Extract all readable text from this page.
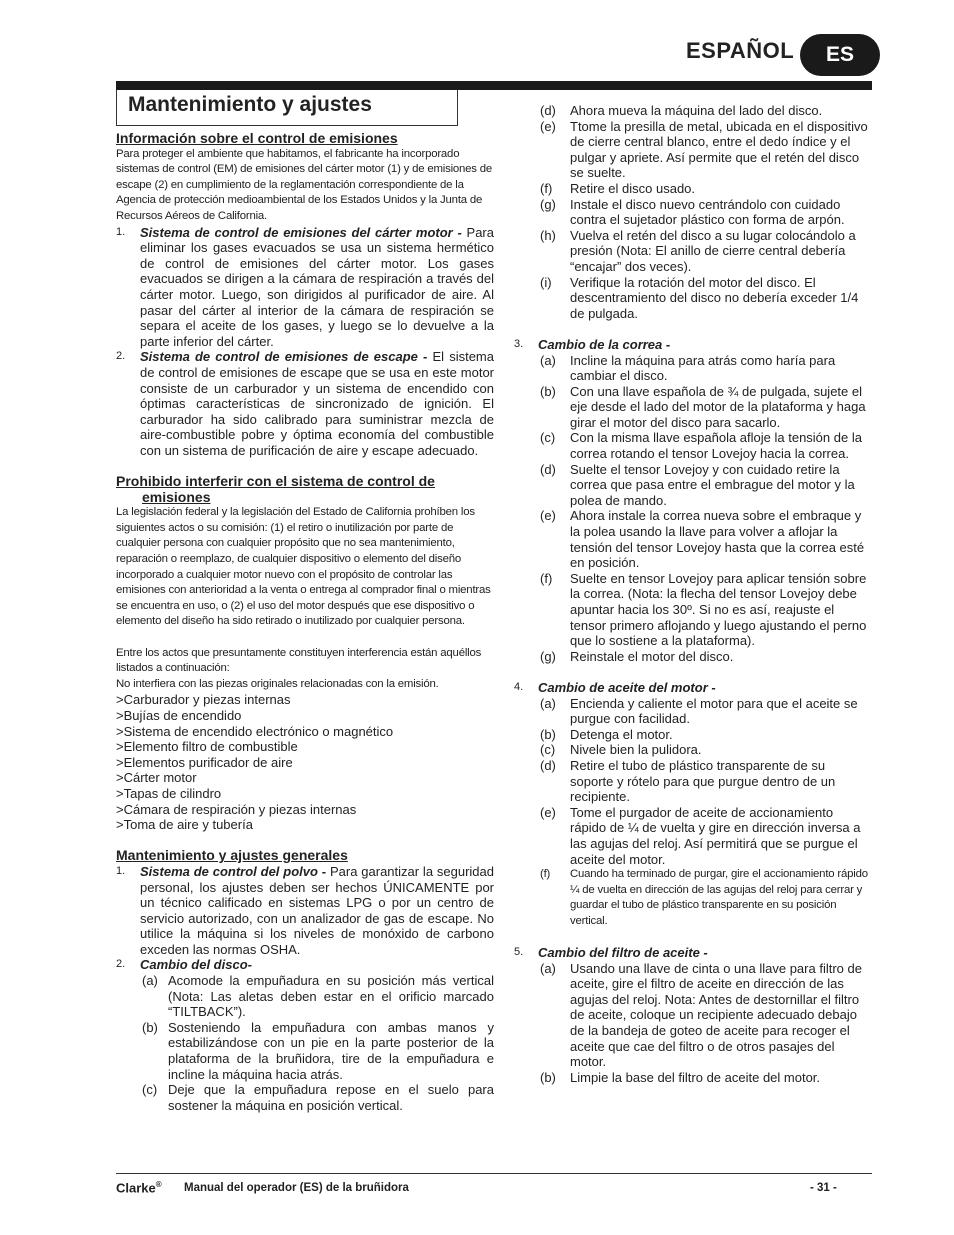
ESPAÑOL	ES
Mantenimiento y ajustes
Información sobre el control de emisiones
Para proteger el ambiente que habitamos, el fabricante ha incorporado sistemas de control (EM) de emisiones del cárter motor (1) y de emisiones de escape (2) en cumplimiento de la reglamentación correspondiente de la Agencia de protección medioambiental de los Estados Unidos y la Junta de Recursos Aéreos de California.
1. Sistema de control de emisiones del cárter motor - Para eliminar los gases evacuados se usa un sistema hermético de control de emisiones del cárter motor. Los gases evacuados se dirigen a la cámara de respiración a través del cárter motor. Luego, son dirigidos al purificador de aire. Al pasar del cárter al interior de la cámara de respiración se separa el aceite de los gases, y luego se lo devuelve a la parte inferior del cárter.
2. Sistema de control de emisiones de escape - El sistema de control de emisiones de escape que se usa en este motor consiste de un carburador y un sistema de encendido con óptimas características de sincronizado de ignición. El carburador ha sido calibrado para suministrar mezcla de aire-combustible pobre y óptima economía del combustible con un sistema de purificación de aire y escape adecuado.
Prohibido interferir con el sistema de control de
emisiones
La legislación federal y la legislación del Estado de California prohíben los siguientes actos o su comisión: (1) el retiro o inutilización por parte de cualquier persona con cualquier propósito que no sea mantenimiento, reparación o reemplazo, de cualquier dispositivo o elemento del diseño incorporado a cualquier motor nuevo con el propósito de controlar las emisiones con anterioridad a la venta o entrega al comprador final o mientras se encuentra en uso, o (2) el uso del motor después que ese dispositivo o elemento del diseño ha sido retirado o inutilizado por cualquier persona.
Entre los actos que presuntamente constituyen interferencia están aquéllos listados a continuación:
No interfiera con las piezas originales relacionadas con la emisión.
>Carburador y piezas internas
>Bujías de encendido
>Sistema de encendido electrónico o magnético
>Elemento filtro de combustible
>Elementos purificador de aire
>Cárter motor
>Tapas de cilindro
>Cámara de respiración y piezas internas
>Toma de aire y tubería
Mantenimiento y ajustes generales
1. Sistema de control del polvo - Para garantizar la seguridad personal, los ajustes deben ser hechos ÚNICAMENTE por un técnico calificado en sistemas LPG o por un centro de servicio autorizado, con un analizador de gas de escape. No utilice la máquina si los niveles de monóxido de carbono exceden las normas OSHA.
2. Cambio del disco-
(a) Acomode la empuñadura en su posición más vertical (Nota: Las aletas deben estar en el orificio marcado “TILTBACK”).
(b) Sosteniendo la empuñadura con ambas manos y estabilizándose con un pie en la parte posterior de la plataforma de la bruñidora, tire de la empuñadura e incline la máquina hacia atrás.
(c) Deje que la empuñadura repose en el suelo para sostener la máquina en posición vertical.
(d) Ahora mueva la máquina del lado del disco.
(e) Ttome la presilla de metal, ubicada en el dispositivo de cierre central blanco, entre el dedo índice y el pulgar y apriete. Así permite que el retén del disco se suelte.
(f) Retire el disco usado.
(g) Instale el disco nuevo centrándolo con cuidado contra el sujetador plástico con forma de arpón.
(h) Vuelva el retén del disco a su lugar colocándolo a presión (Nota: El anillo de cierre central debería “encajar” dos veces).
(i) Verifique la rotación del motor del disco. El descentramiento del disco no debería exceder 1/4 de pulgada.
3. Cambio de la correa -
(a) Incline la máquina para atrás como haría para cambiar el disco.
(b) Con una llave española de ¾ de pulgada, sujete el eje desde el lado del motor de la plataforma y haga girar el motor del disco para sacarlo.
(c) Con la misma llave española afloje la tensión de la correa rotando el tensor Lovejoy hacia la correa.
(d) Suelte el tensor Lovejoy y con cuidado retire la correa que pasa entre el embrague del motor y la polea de mando.
(e) Ahora instale la correa nueva sobre el embraque y la polea usando la llave para volver a aflojar la tensión del tensor Lovejoy hasta que la correa esté en posición.
(f) Suelte en tensor Lovejoy para aplicar tensión sobre la correa. (Nota: la flecha del tensor Lovejoy debe apuntar hacia los 30º. Si no es así, reajuste el tensor primero aflojando y luego ajustando el perno que lo sostiene a la plataforma).
(g) Reinstale el motor del disco.
4. Cambio de aceite del motor -
(a) Encienda y caliente el motor para que el aceite se purgue con facilidad.
(b) Detenga el motor.
(c) Nivele bien la pulidora.
(d) Retire el tubo de plástico transparente de su soporte y rótelo para que purgue dentro de un recipiente.
(e) Tome el purgador de aceite de accionamiento rápido de ¼ de vuelta y gire en dirección inversa a las agujas del reloj. Así permitirá que se purgue el aceite del motor.
(f) Cuando ha terminado de purgar, gire el accionamiento rápido ¼ de vuelta en dirección de las agujas del reloj para cerrar y guardar el tubo de plástico transparente en su posición vertical.
5. Cambio del filtro de aceite -
(a) Usando una llave de cinta o una llave para filtro de aceite, gire el filtro de aceite en dirección de las agujas del reloj. Nota: Antes de destornillar el filtro de aceite, coloque un recipiente adecuado debajo de la bandeja de goteo de aceite para recoger el aceite que cae del filtro o de otros pasajes del motor.
(b) Limpie la base del filtro de aceite del motor.
Clarke® Manual del operador (ES) de la bruñidora	- 31 -
